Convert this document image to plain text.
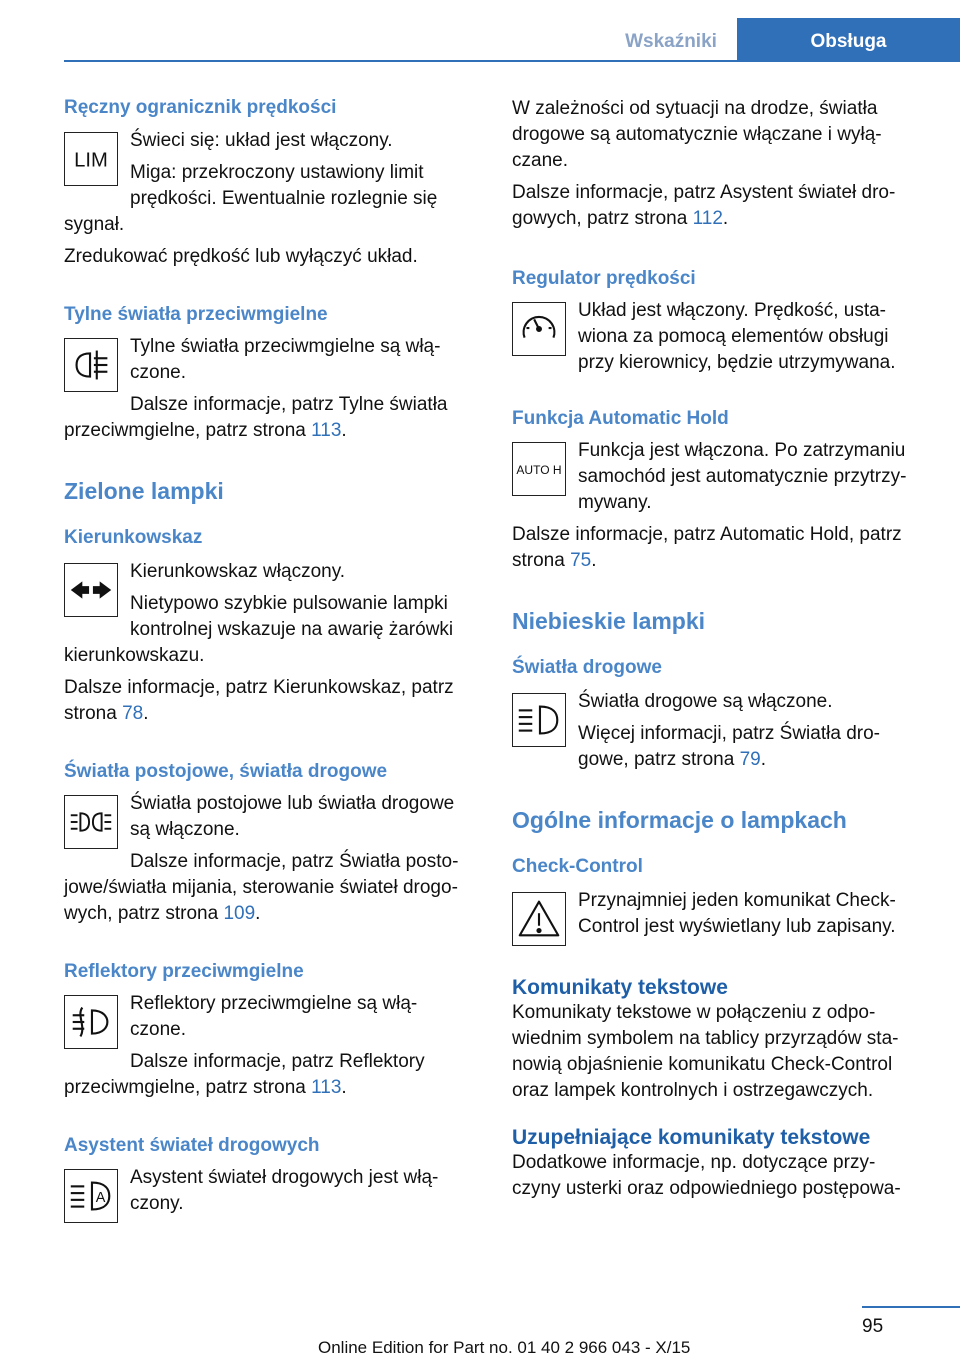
Wskaźniki	Obsługa
Ręczny ogranicznik prędkości
LIM

Świeci się: układ jest włączony.

Miga: przekroczony ustawiony limit

prędkości. Ewentualnie rozlegnie się

sygnał.

Zredukować prędkość lub wyłączyć układ.

Tylne światła przeciwmgielne

Tylne światła przeciwmgielne są włą-

czone.

Dalsze informacje, patrz Tylne światła

przeciwmgielne, patrz strona 113.

Zielone lampki
Kierunkowskaz

Kierunkowskaz włączony.

Nietypowo szybkie pulsowanie lampki

kontrolnej wskazuje na awarię żarówki

kierunkowskazu.

Dalsze informacje, patrz Kierunkowskaz, patrz

strona 78.

Światła postojowe, światła drogowe

Światła postojowe lub światła drogowe

są włączone.

Dalsze informacje, patrz Światła posto-

jowe/światła mijania, sterowanie świateł drogo-

wych, patrz strona 109.

Reflektory przeciwmgielne

Reflektory przeciwmgielne są włą-

czone.

Dalsze informacje, patrz Reflektory

przeciwmgielne, patrz strona 113.

Asystent świateł drogowych
A

Asystent świateł drogowych jest włą-

czony.

W zależności od sytuacji na drodze, światła

drogowe są automatycznie włączane i wyłą-

czane.

Dalsze informacje, patrz Asystent świateł dro-

gowych, patrz strona 112.

Regulator prędkości

Układ jest włączony. Prędkość, usta-

wiona za pomocą elementów obsługi

przy kierownicy, będzie utrzymywana.

Funkcja Automatic Hold
AUTO H

Funkcja jest włączona. Po zatrzymaniu

samochód jest automatycznie przytrzy-

mywany.

Dalsze informacje, patrz Automatic Hold, patrz

strona 75.

Niebieskie lampki
Światła drogowe

Światła drogowe są włączone.

Więcej informacji, patrz Światła dro-

gowe, patrz strona 79.

Ogólne informacje o lampkach
Check-Control

Przynajmniej jeden komunikat Check-

Control jest wyświetlany lub zapisany.

Komunikaty tekstowe

Komunikaty tekstowe w połączeniu z odpo-

wiednim symbolem na tablicy przyrządów sta-

nowią objaśnienie komunikatu Check-Control

oraz lampek kontrolnych i ostrzegawczych.

Uzupełniające komunikaty tekstowe

Dodatkowe informacje, np. dotyczące przy-

czyny usterki oraz odpowiedniego postępowa-

95
Online Edition for Part no. 01 40 2 966 043 - X/15
